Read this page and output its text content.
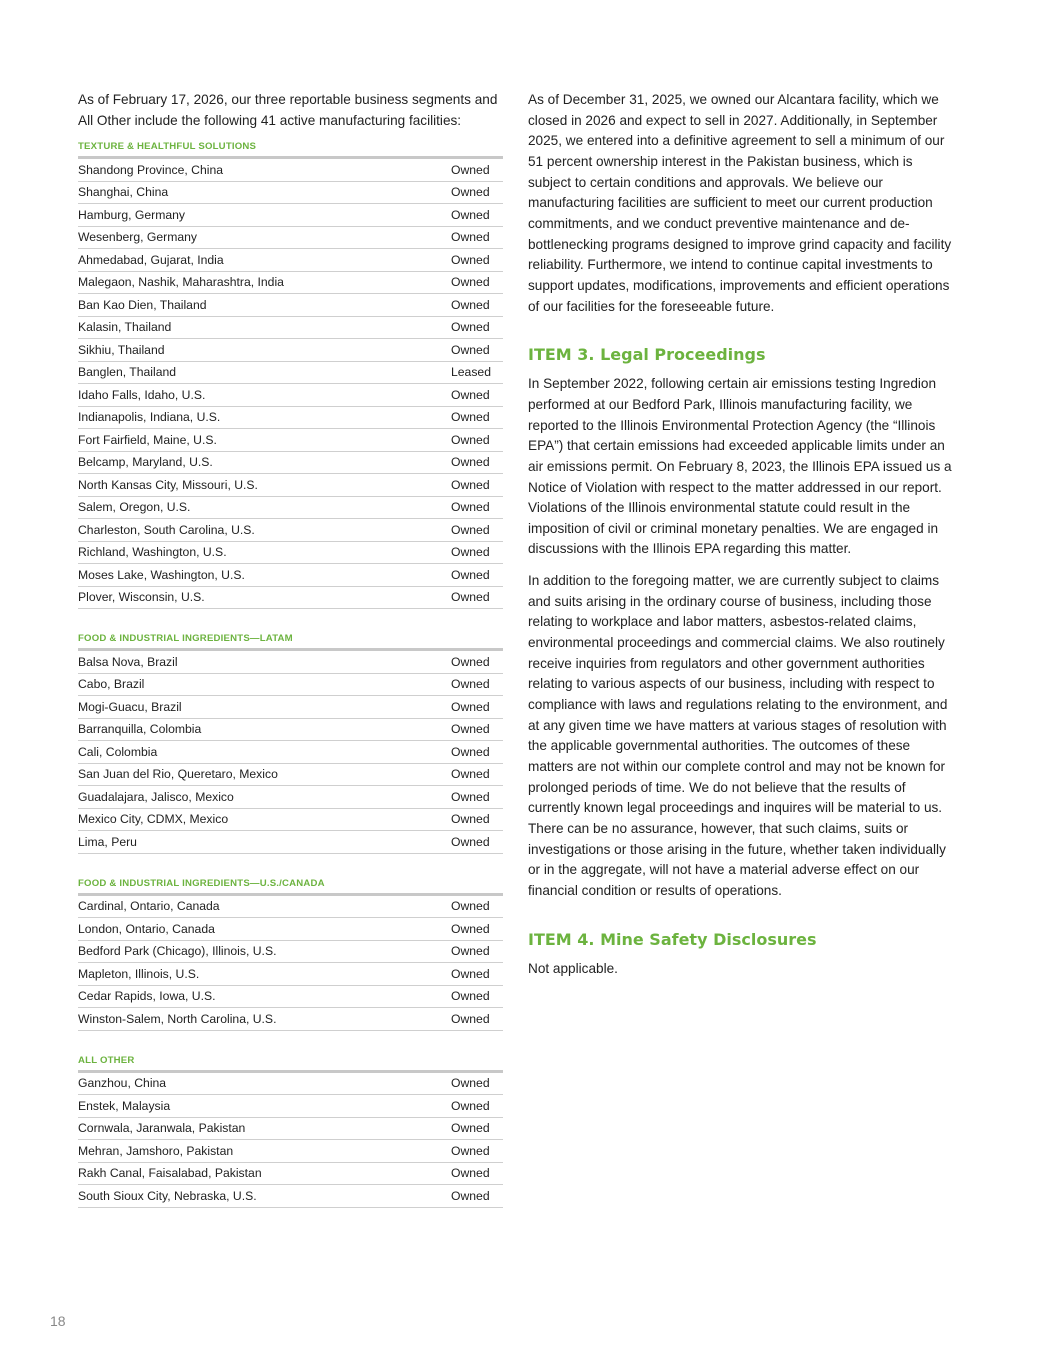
As of February 17, 2026, our three reportable business segments and All Other include the following 41 active manufacturing facilities:

TEXTURE & HEALTHFUL SOLUTIONS
Shandong Province, China	Owned
Shanghai, China	Owned
Hamburg, Germany	Owned
Wesenberg, Germany	Owned
Ahmedabad, Gujarat, India	Owned
Malegaon, Nashik, Maharashtra, India	Owned
Ban Kao Dien, Thailand	Owned
Kalasin, Thailand	Owned
Sikhiu, Thailand	Owned
Banglen, Thailand	Leased
Idaho Falls, Idaho, U.S.	Owned
Indianapolis, Indiana, U.S.	Owned
Fort Fairfield, Maine, U.S.	Owned
Belcamp, Maryland, U.S.	Owned
North Kansas City, Missouri, U.S.	Owned
Salem, Oregon, U.S.	Owned
Charleston, South Carolina, U.S.	Owned
Richland, Washington, U.S.	Owned
Moses Lake, Washington, U.S.	Owned
Plover, Wisconsin, U.S.	Owned
FOOD & INDUSTRIAL INGREDIENTS—LATAM
Balsa Nova, Brazil	Owned
Cabo, Brazil	Owned
Mogi-Guacu, Brazil	Owned
Barranquilla, Colombia	Owned
Cali, Colombia	Owned
San Juan del Rio, Queretaro, Mexico	Owned
Guadalajara, Jalisco, Mexico	Owned
Mexico City, CDMX, Mexico	Owned
Lima, Peru	Owned
FOOD & INDUSTRIAL INGREDIENTS—U.S./CANADA
Cardinal, Ontario, Canada	Owned
London, Ontario, Canada	Owned
Bedford Park (Chicago), Illinois, U.S.	Owned
Mapleton, Illinois, U.S.	Owned
Cedar Rapids, Iowa, U.S.	Owned
Winston-Salem, North Carolina, U.S.	Owned
ALL OTHER
Ganzhou, China	Owned
Enstek, Malaysia	Owned
Cornwala, Jaranwala, Pakistan	Owned
Mehran, Jamshoro, Pakistan	Owned
Rakh Canal, Faisalabad, Pakistan	Owned
South Sioux City, Nebraska, U.S.	Owned

As of December 31, 2025, we owned our Alcantara facility, which we closed in 2026 and expect to sell in 2027. Additionally, in September 2025, we entered into a definitive agreement to sell a minimum of our 51 percent ownership interest in the Pakistan business, which is subject to certain conditions and approvals. We believe our manufacturing facilities are sufficient to meet our current production commitments, and we conduct preventive maintenance and de-bottlenecking programs designed to improve grind capacity and facility reliability. Furthermore, we intend to continue capital investments to support updates, modifications, improvements and efficient operations of our facilities for the foreseeable future.

ITEM 3. Legal Proceedings

In September 2022, following certain air emissions testing Ingredion performed at our Bedford Park, Illinois manufacturing facility, we reported to the Illinois Environmental Protection Agency (the “Illinois EPA”) that certain emissions had exceeded applicable limits under an air emissions permit. On February 8, 2023, the Illinois EPA issued us a Notice of Violation with respect to the matter addressed in our report. Violations of the Illinois environmental statute could result in the imposition of civil or criminal monetary penalties. We are engaged in discussions with the Illinois EPA regarding this matter.

In addition to the foregoing matter, we are currently subject to claims and suits arising in the ordinary course of business, including those relating to workplace and labor matters, asbestos-related claims, environmental proceedings and commercial claims. We also routinely receive inquiries from regulators and other government authorities relating to various aspects of our business, including with respect to compliance with laws and regulations relating to the environment, and at any given time we have matters at various stages of resolution with the applicable governmental authorities. The outcomes of these matters are not within our complete control and may not be known for prolonged periods of time. We do not believe that the results of currently known legal proceedings and inquires will be material to us. There can be no assurance, however, that such claims, suits or investigations or those arising in the future, whether taken individually or in the aggregate, will not have a material adverse effect on our financial condition or results of operations.

ITEM 4. Mine Safety Disclosures

Not applicable.

18
